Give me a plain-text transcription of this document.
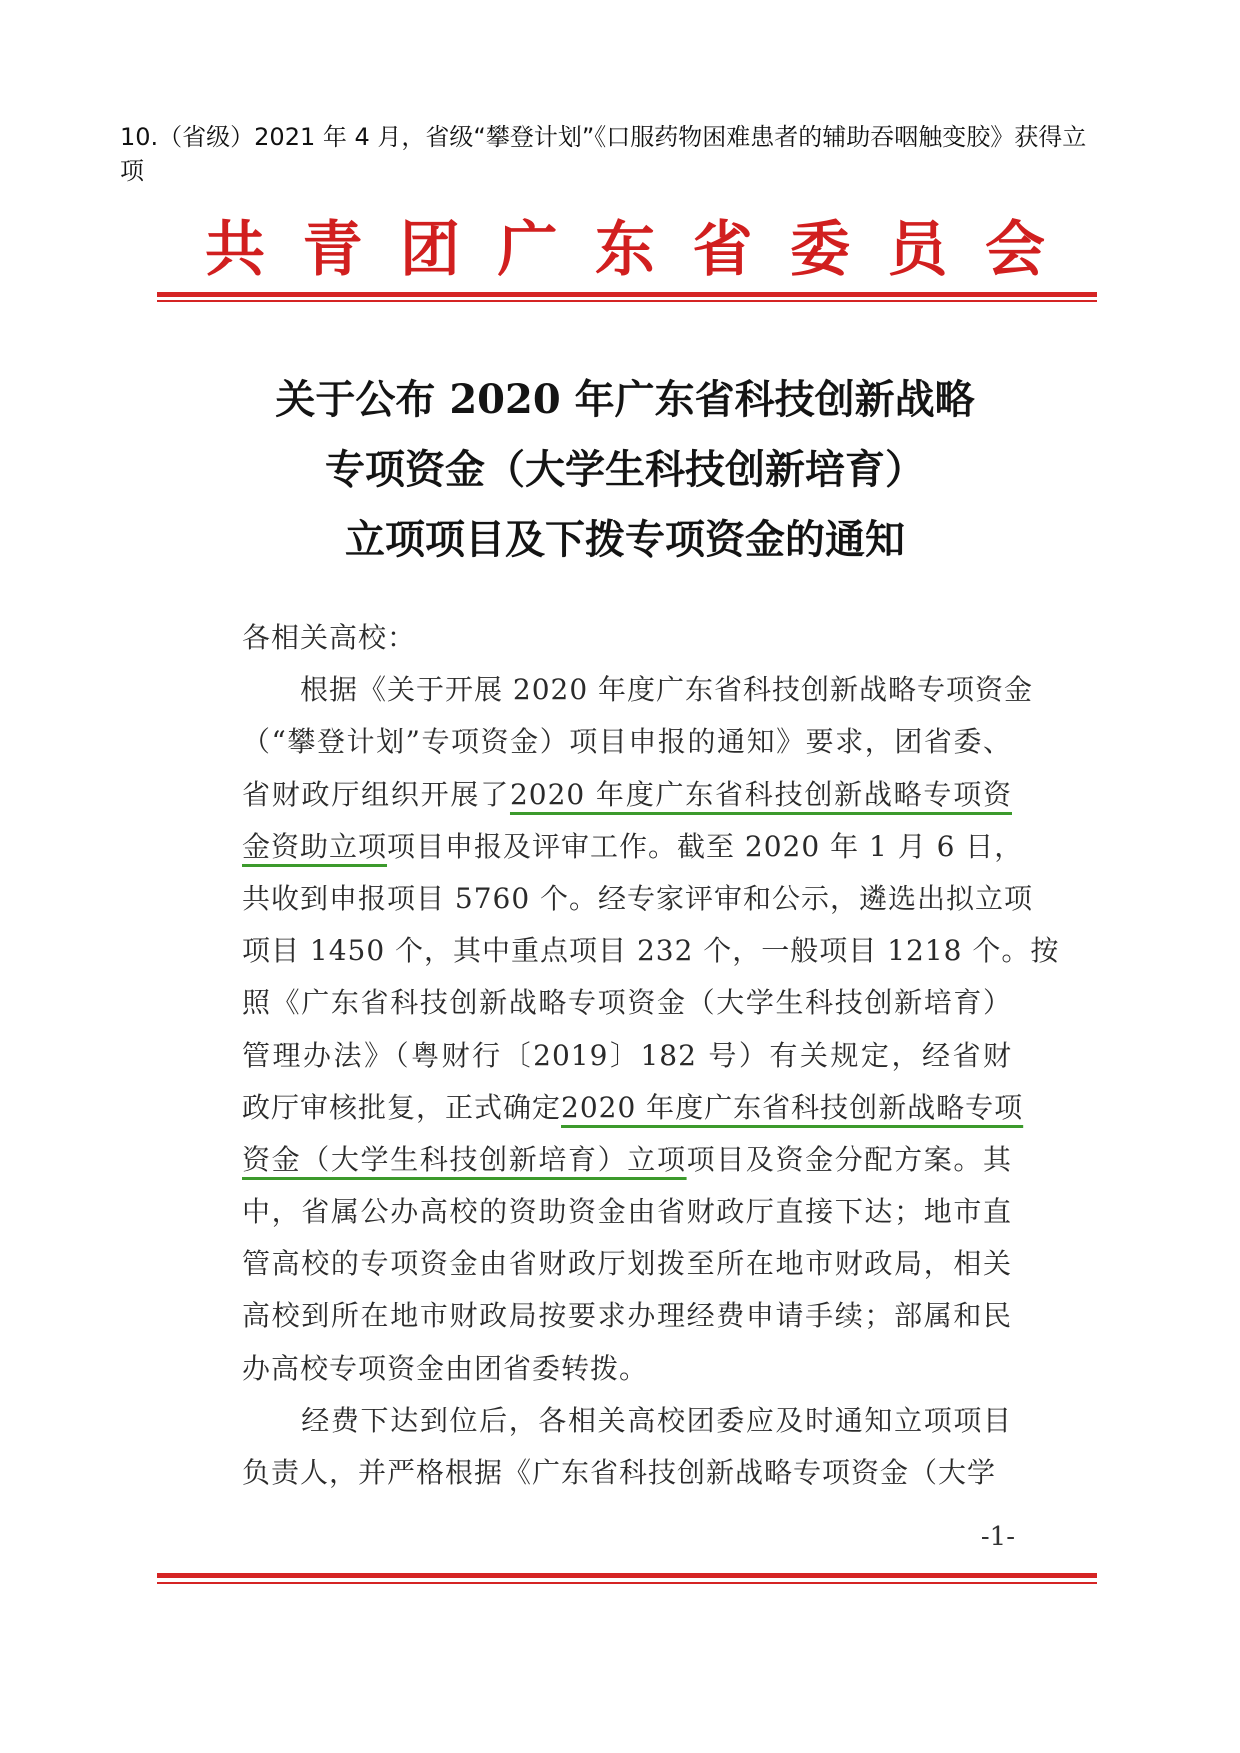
10.（省级）2021 年 4 月，省级“攀登计划”《口服药物困难患者的辅助吞咽触变胶》获得立项
共 青 团 广 东 省 委 员 会
关于公布 2020 年广东省科技创新战略
专项资金（大学生科技创新培育）
立项项目及下拨专项资金的通知
各相关高校：
　　根据《关于开展 2020 年度广东省科技创新战略专项资金
（“攀登计划”专项资金）项目申报的通知》要求，团省委、
省财政厅组织开展了2020 年度广东省科技创新战略专项资
金资助立项项目申报及评审工作。截至 2020 年 1 月 6 日，
共收到申报项目 5760 个。经专家评审和公示，遴选出拟立项
项目 1450 个，其中重点项目 232 个，一般项目 1218 个。按
照《广东省科技创新战略专项资金（大学生科技创新培育）
管理办法》（粤财行〔2019〕182 号）有关规定，经省财
政厅审核批复，正式确定2020 年度广东省科技创新战略专项
资金（大学生科技创新培育）立项项目及资金分配方案。其
中，省属公办高校的资助资金由省财政厅直接下达；地市直
管高校的专项资金由省财政厅划拨至所在地市财政局，相关
高校到所在地市财政局按要求办理经费申请手续；部属和民
办高校专项资金由团省委转拨。
　　经费下达到位后，各相关高校团委应及时通知立项项目
负责人，并严格根据《广东省科技创新战略专项资金（大学
-1-
